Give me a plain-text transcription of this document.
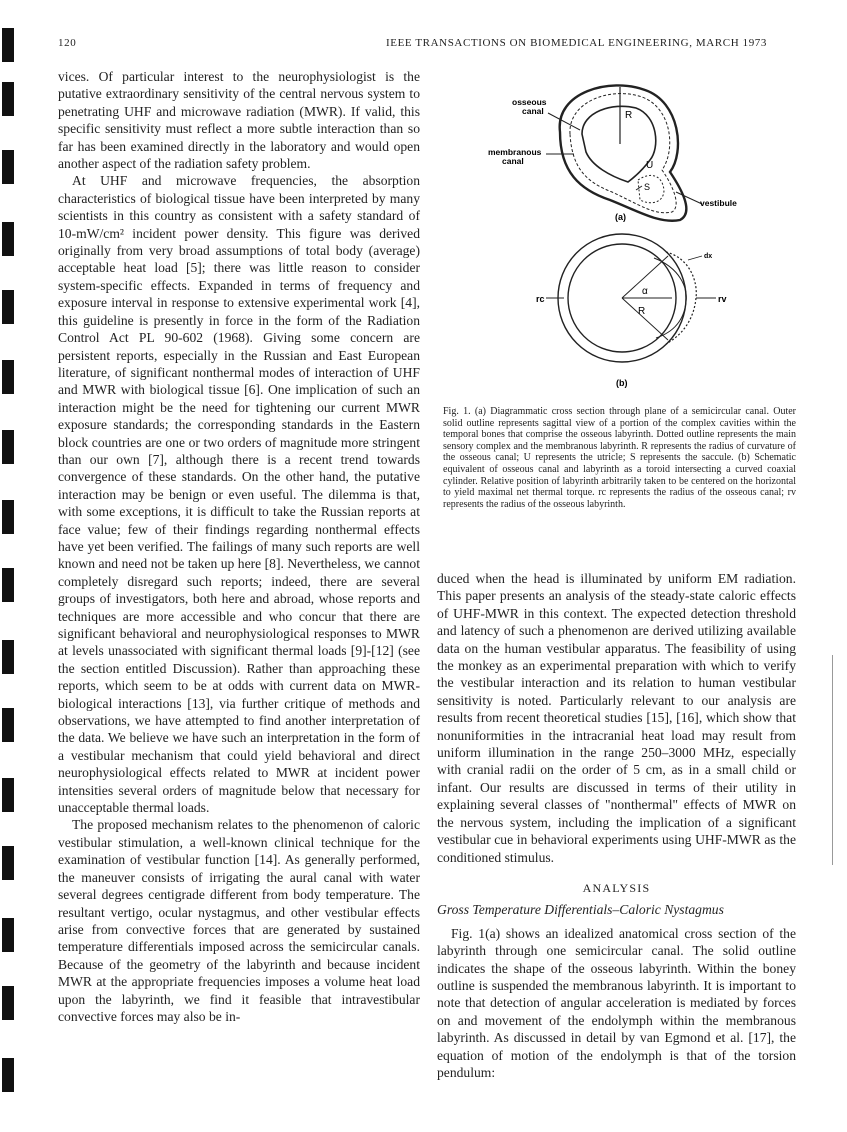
120	IEEE TRANSACTIONS ON BIOMEDICAL ENGINEERING, MARCH 1973

vices. Of particular interest to the neurophysiologist is the putative extraordinary sensitivity of the central nervous system to penetrating UHF and microwave radiation (MWR). If valid, this specific sensitivity must reflect a more subtle interaction than so far has been examined directly in the laboratory and would open another aspect of the radiation safety problem.

At UHF and microwave frequencies, the absorption characteristics of biological tissue have been interpreted by many scientists in this country as consistent with a safety standard of 10-mW/cm² incident power density. This figure was derived originally from very broad assumptions of total body (average) acceptable heat load [5]; there was little reason to consider system-specific effects. Expanded in terms of frequency and exposure interval in response to extensive experimental work [4], this guideline is presently in force in the form of the Radiation Control Act PL 90-602 (1968). Giving some concern are persistent reports, especially in the Russian and East European literature, of significant nonthermal modes of interaction of UHF and MWR with biological tissue [6]. One implication of such an interaction might be the need for tightening our current MWR exposure standards; the corresponding standards in the Eastern block countries are one or two orders of magnitude more stringent than our own [7], although there is a recent trend towards convergence of these standards. On the other hand, the putative interaction may be benign or even useful. The dilemma is that, with some exceptions, it is difficult to take the Russian reports at face value; few of their findings regarding nonthermal effects have yet been verified. The failings of many such reports are well known and need not be taken up here [8]. Nevertheless, we cannot completely disregard such reports; indeed, there are several groups of investigators, both here and abroad, whose reports and techniques are more accessible and who concur that there are significant behavioral and neurophysiological responses to MWR at levels unassociated with significant thermal loads [9]-[12] (see the section entitled Discussion). Rather than approaching these reports, which seem to be at odds with current data on MWR-biological interactions [13], via further critique of methods and observations, we have attempted to find another interpretation of the data. We believe we have such an interpretation in the form of a vestibular mechanism that could yield behavioral and direct neurophysiological effects related to MWR at incident power intensities several orders of magnitude below that necessary for unacceptable thermal loads.

The proposed mechanism relates to the phenomenon of caloric vestibular stimulation, a well-known clinical technique for the examination of vestibular function [14]. As generally performed, the maneuver consists of irrigating the aural canal with water several degrees centigrade different from body temperature. The resultant vertigo, ocular nystagmus, and other vestibular effects arise from convective forces that are generated by sustained temperature differentials imposed across the semicircular canals. Because of the geometry of the labyrinth and because incident MWR at the appropriate frequencies imposes a volume heat load upon the labyrinth, we find it feasible that intravestibular convective forces may also be in-

osseous
canal	R
membranous
canal	U
S
vestibule
(a)
dx
rc
α
R
rv
(b)

Fig. 1. (a) Diagrammatic cross section through plane of a semicircular canal. Outer solid outline represents sagittal view of a portion of the complex cavities within the temporal bones that comprise the osseous labyrinth. Dotted outline represents the main sensory complex and the membranous labyrinth. R represents the radius of curvature of the osseous canal; U represents the utricle; S represents the saccule. (b) Schematic equivalent of osseous canal and labyrinth as a toroid intersecting a curved coaxial cylinder. Relative position of labyrinth arbitrarily taken to be centered on the horizontal to yield maximal net thermal torque. rc represents the radius of the osseous canal; rv represents the radius of the osseous labyrinth.

duced when the head is illuminated by uniform EM radiation. This paper presents an analysis of the steady-state caloric effects of UHF-MWR in this context. The expected detection threshold and latency of such a phenomenon are derived utilizing available data on the human vestibular apparatus. The feasibility of using the monkey as an experimental preparation with which to verify the vestibular interaction and its relation to human vestibular sensitivity is noted. Particularly relevant to our analysis are results from recent theoretical studies [15], [16], which show that nonuniformities in the intracranial heat load may result from uniform illumination in the range 250–3000 MHz, especially with cranial radii on the order of 5 cm, as in a small child or infant. Our results are discussed in terms of their utility in explaining several classes of "nonthermal" effects of MWR on the nervous system, including the implication of a significant vestibular cue in behavioral experiments using UHF-MWR as the conditioned stimulus.

ANALYSIS
Gross Temperature Differentials–Caloric Nystagmus

Fig. 1(a) shows an idealized anatomical cross section of the labyrinth through one semicircular canal. The solid outline indicates the shape of the osseous labyrinth. Within the boney outline is suspended the membranous labyrinth. It is important to note that detection of angular acceleration is mediated by forces on and movement of the endolymph within the membranous labyrinth. As discussed in detail by van Egmond et al. [17], the equation of motion of the endolymph is that of the torsion pendulum:
